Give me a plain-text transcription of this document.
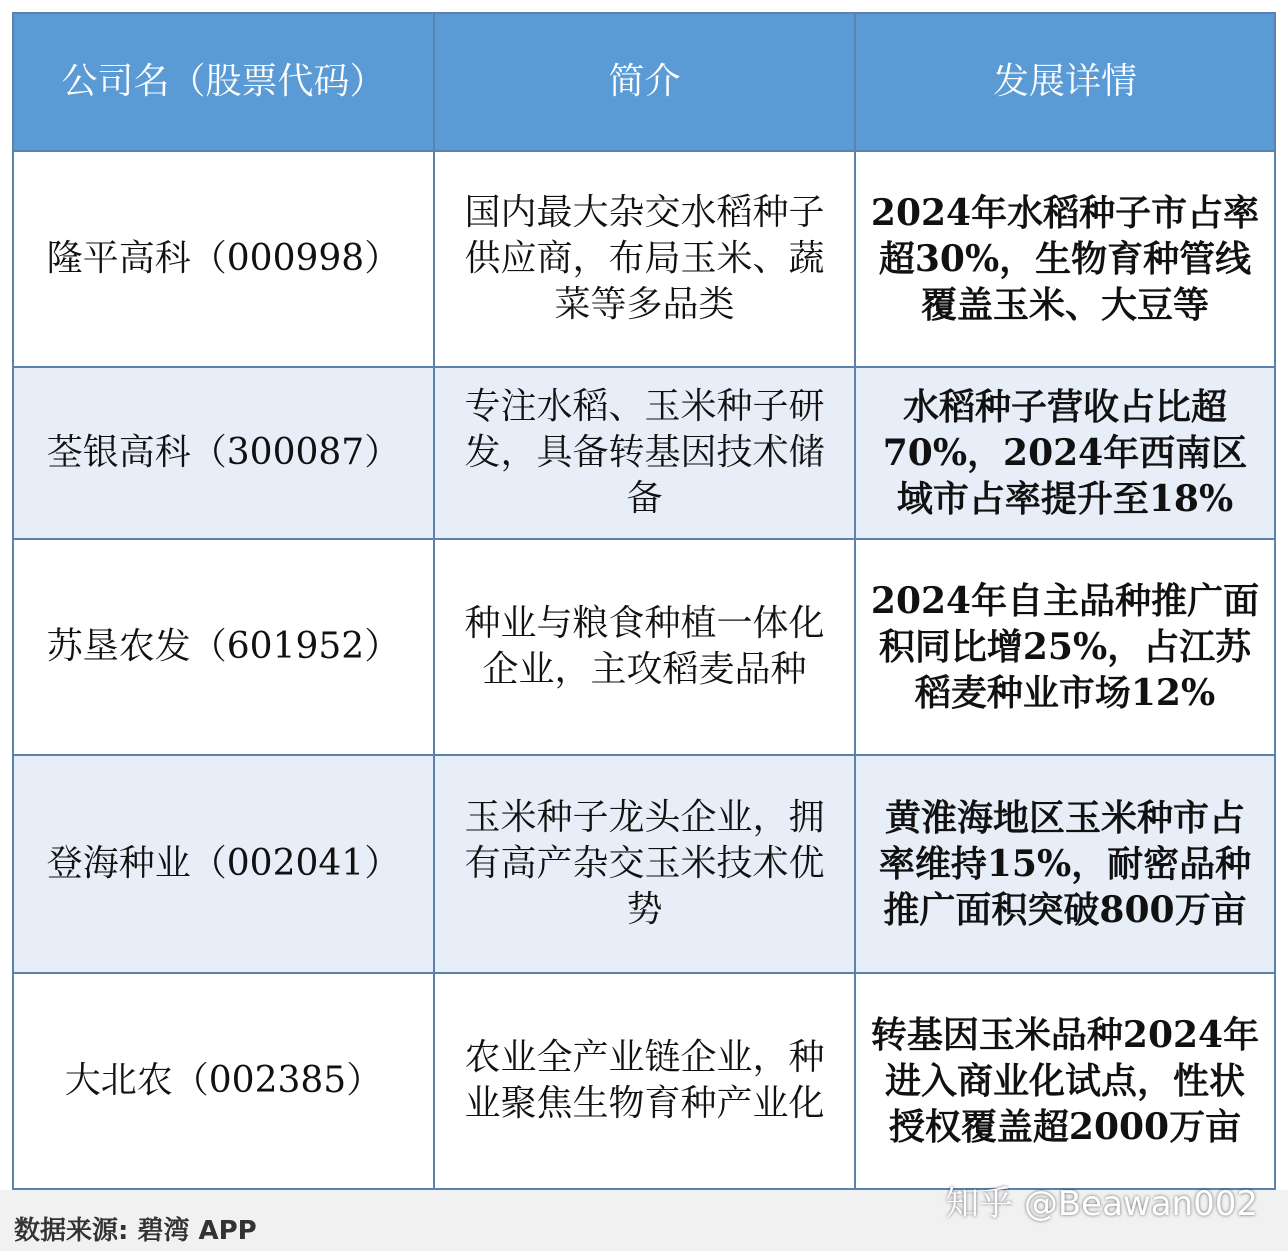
公司名（股票代码）	简介	发展详情
隆平高科（000998）	国内最大杂交水稻种子供应商，布局玉米、蔬菜等多品类	2024年水稻种子市占率超30%，生物育种管线覆盖玉米、大豆等
荃银高科（300087）	专注水稻、玉米种子研发，具备转基因技术储备	水稻种子营收占比超70%，2024年西南区域市占率提升至18%
苏垦农发（601952）	种业与粮食种植一体化企业，主攻稻麦品种	2024年自主品种推广面积同比增25%，占江苏稻麦种业市场12%
登海种业（002041）	玉米种子龙头企业，拥有高产杂交玉米技术优势	黄淮海地区玉米种市占率维持15%，耐密品种推广面积突破800万亩
大北农（002385）	农业全产业链企业，种业聚焦生物育种产业化	转基因玉米品种2024年进入商业化试点，性状授权覆盖超2000万亩
知乎 @Beawan002
数据来源: 碧湾 APP
